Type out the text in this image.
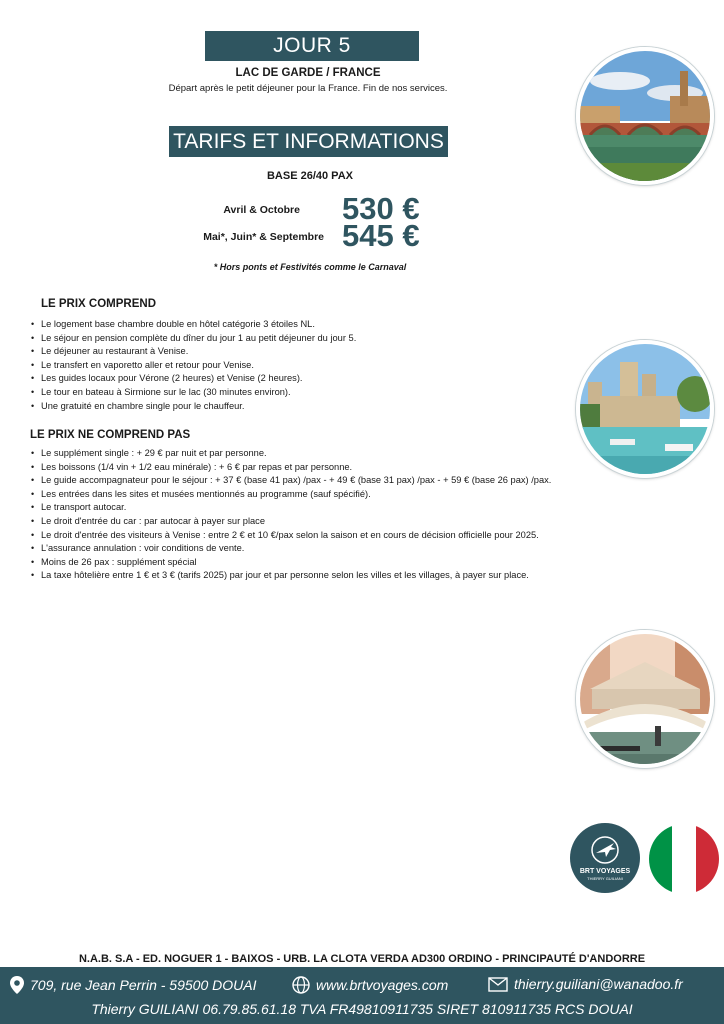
JOUR 5
LAC DE GARDE / FRANCE
Départ après le petit déjeuner pour la France. Fin de nos services.
TARIFS ET INFORMATIONS
BASE 26/40 PAX
Avril & Octobre 530 €
Mai*, Juin* & Septembre 545 €
* Hors ponts et Festivités comme le Carnaval
LE PRIX COMPREND
• Le logement base chambre double en hôtel catégorie 3 étoiles NL.
• Le séjour en pension complète du dîner du jour 1 au petit déjeuner du jour 5.
• Le déjeuner au restaurant à Venise.
• Le transfert en vaporetto aller et retour pour Venise.
• Les guides locaux pour Vérone (2 heures) et Venise (2 heures).
• Le tour en bateau à Sirmione sur le lac (30 minutes environ).
• Une gratuité en chambre single pour le chauffeur.
LE PRIX NE COMPREND PAS
• Le supplément single : + 29 € par nuit et par personne.
• Les boissons (1/4 vin + 1/2 eau minérale) : + 6 € par repas et par personne.
• Le guide accompagnateur pour le séjour : + 37 € (base 41 pax) /pax - + 49 € (base 31 pax) /pax - + 59 € (base 26 pax) /pax.
• Les entrées dans les sites et musées mentionnés au programme (sauf spécifié).
• Le transport autocar.
• Le droit d'entrée du car : par autocar à payer sur place
• Le droit d'entrée des visiteurs à Venise : entre 2 € et 10 €/pax selon la saison et en cours de décision officielle pour 2025.
• L'assurance annulation : voir conditions de vente.
• Moins de 26 pax : supplément spécial
• La taxe hôtelière entre 1 € et 3 € (tarifs 2025) par jour et par personne selon les villes et les villages, à payer sur place.
BRT VOYAGES
THIERRY GUILIANI
N.A.B. S.A - ED. NOGUER 1 - BAIXOS - URB. LA CLOTA VERDA AD300 ORDINO - PRINCIPAUTÉ D'ANDORRE
709, rue Jean Perrin - 59500 DOUAI	www.brtvoyages.com	thierry.guiliani@wanadoo.fr
Thierry GUILIANI 06.79.85.61.18 TVA FR49810911735 SIRET 810911735 RCS DOUAI
